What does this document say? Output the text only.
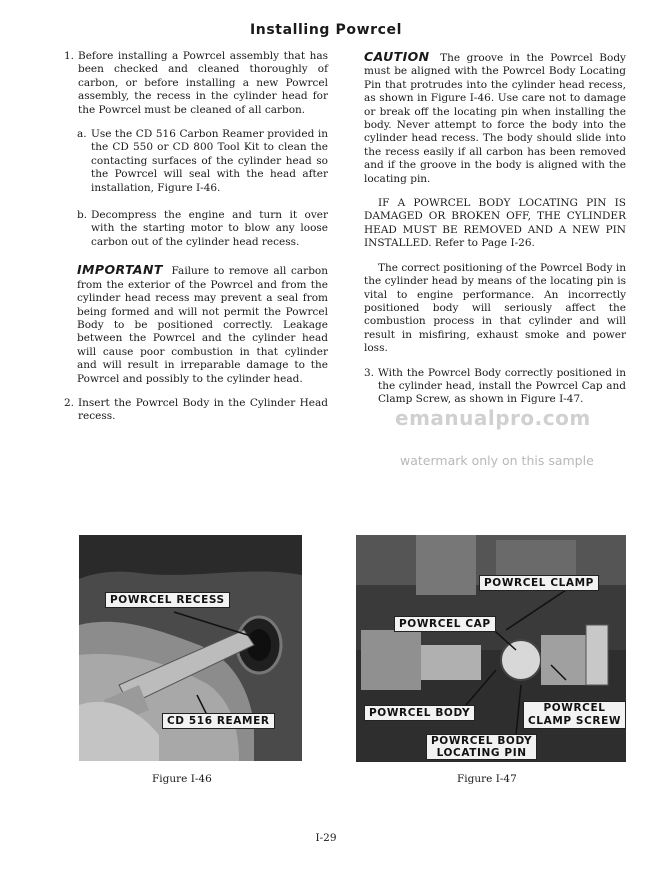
Installing Powrcel
1. Before installing a Powrcel assembly that has been checked and cleaned thoroughly of carbon, or before installing a new Powrcel assembly, the recess in the cylinder head for the Powrcel must be cleaned of all carbon.
a. Use the CD 516 Carbon Reamer provided in the CD 550 or CD 800 Tool Kit to clean the contacting surfaces of the cylinder head so the Powrcel will seal with the head after installation, Figure I-46.
b. Decompress the engine and turn it over with the starting motor to blow any loose carbon out of the cylinder head recess.

IMPORTANT Failure to remove all carbon from the exterior of the Powrcel and from the cylinder head recess may prevent a seal from being formed and will not permit the Powrcel Body to be positioned correctly. Leakage between the Powrcel and the cylinder head will cause poor combustion in that cylinder and will result in irreparable damage to the Powrcel and possibly to the cylinder head.

2. Insert the Powrcel Body in the Cylinder Head recess.

CAUTION The groove in the Powrcel Body must be aligned with the Powrcel Body Locating Pin that protrudes into the cylinder head recess, as shown in Figure I-46. Use care not to damage or break off the locating pin when installing the body. Never attempt to force the body into the cylinder head recess. The body should slide into the recess easily if all carbon has been removed and if the groove in the body is aligned with the locating pin.

IF A POWRCEL BODY LOCATING PIN IS DAMAGED OR BROKEN OFF, THE CYLINDER HEAD MUST BE REMOVED AND A NEW PIN INSTALLED. Refer to Page I-26.

The correct positioning of the Powrcel Body in the cylinder head by means of the locating pin is vital to engine performance. An incorrectly positioned body will seriously affect the combustion process in that cylinder and will result in misfiring, exhaust smoke and power loss.

3. With the Powrcel Body correctly positioned in the cylinder head, install the Powrcel Cap and Clamp Screw, as shown in Figure I-47.
emanualpro.com
watermark only on this sample
POWRCEL RECESS
CD 516 REAMER
POWRCEL CLAMP
POWRCEL CAP
POWRCEL BODY	POWRCEL
CLAMP SCREW
POWRCEL BODY
LOCATING PIN
Figure I-46	Figure I-47
I-29
